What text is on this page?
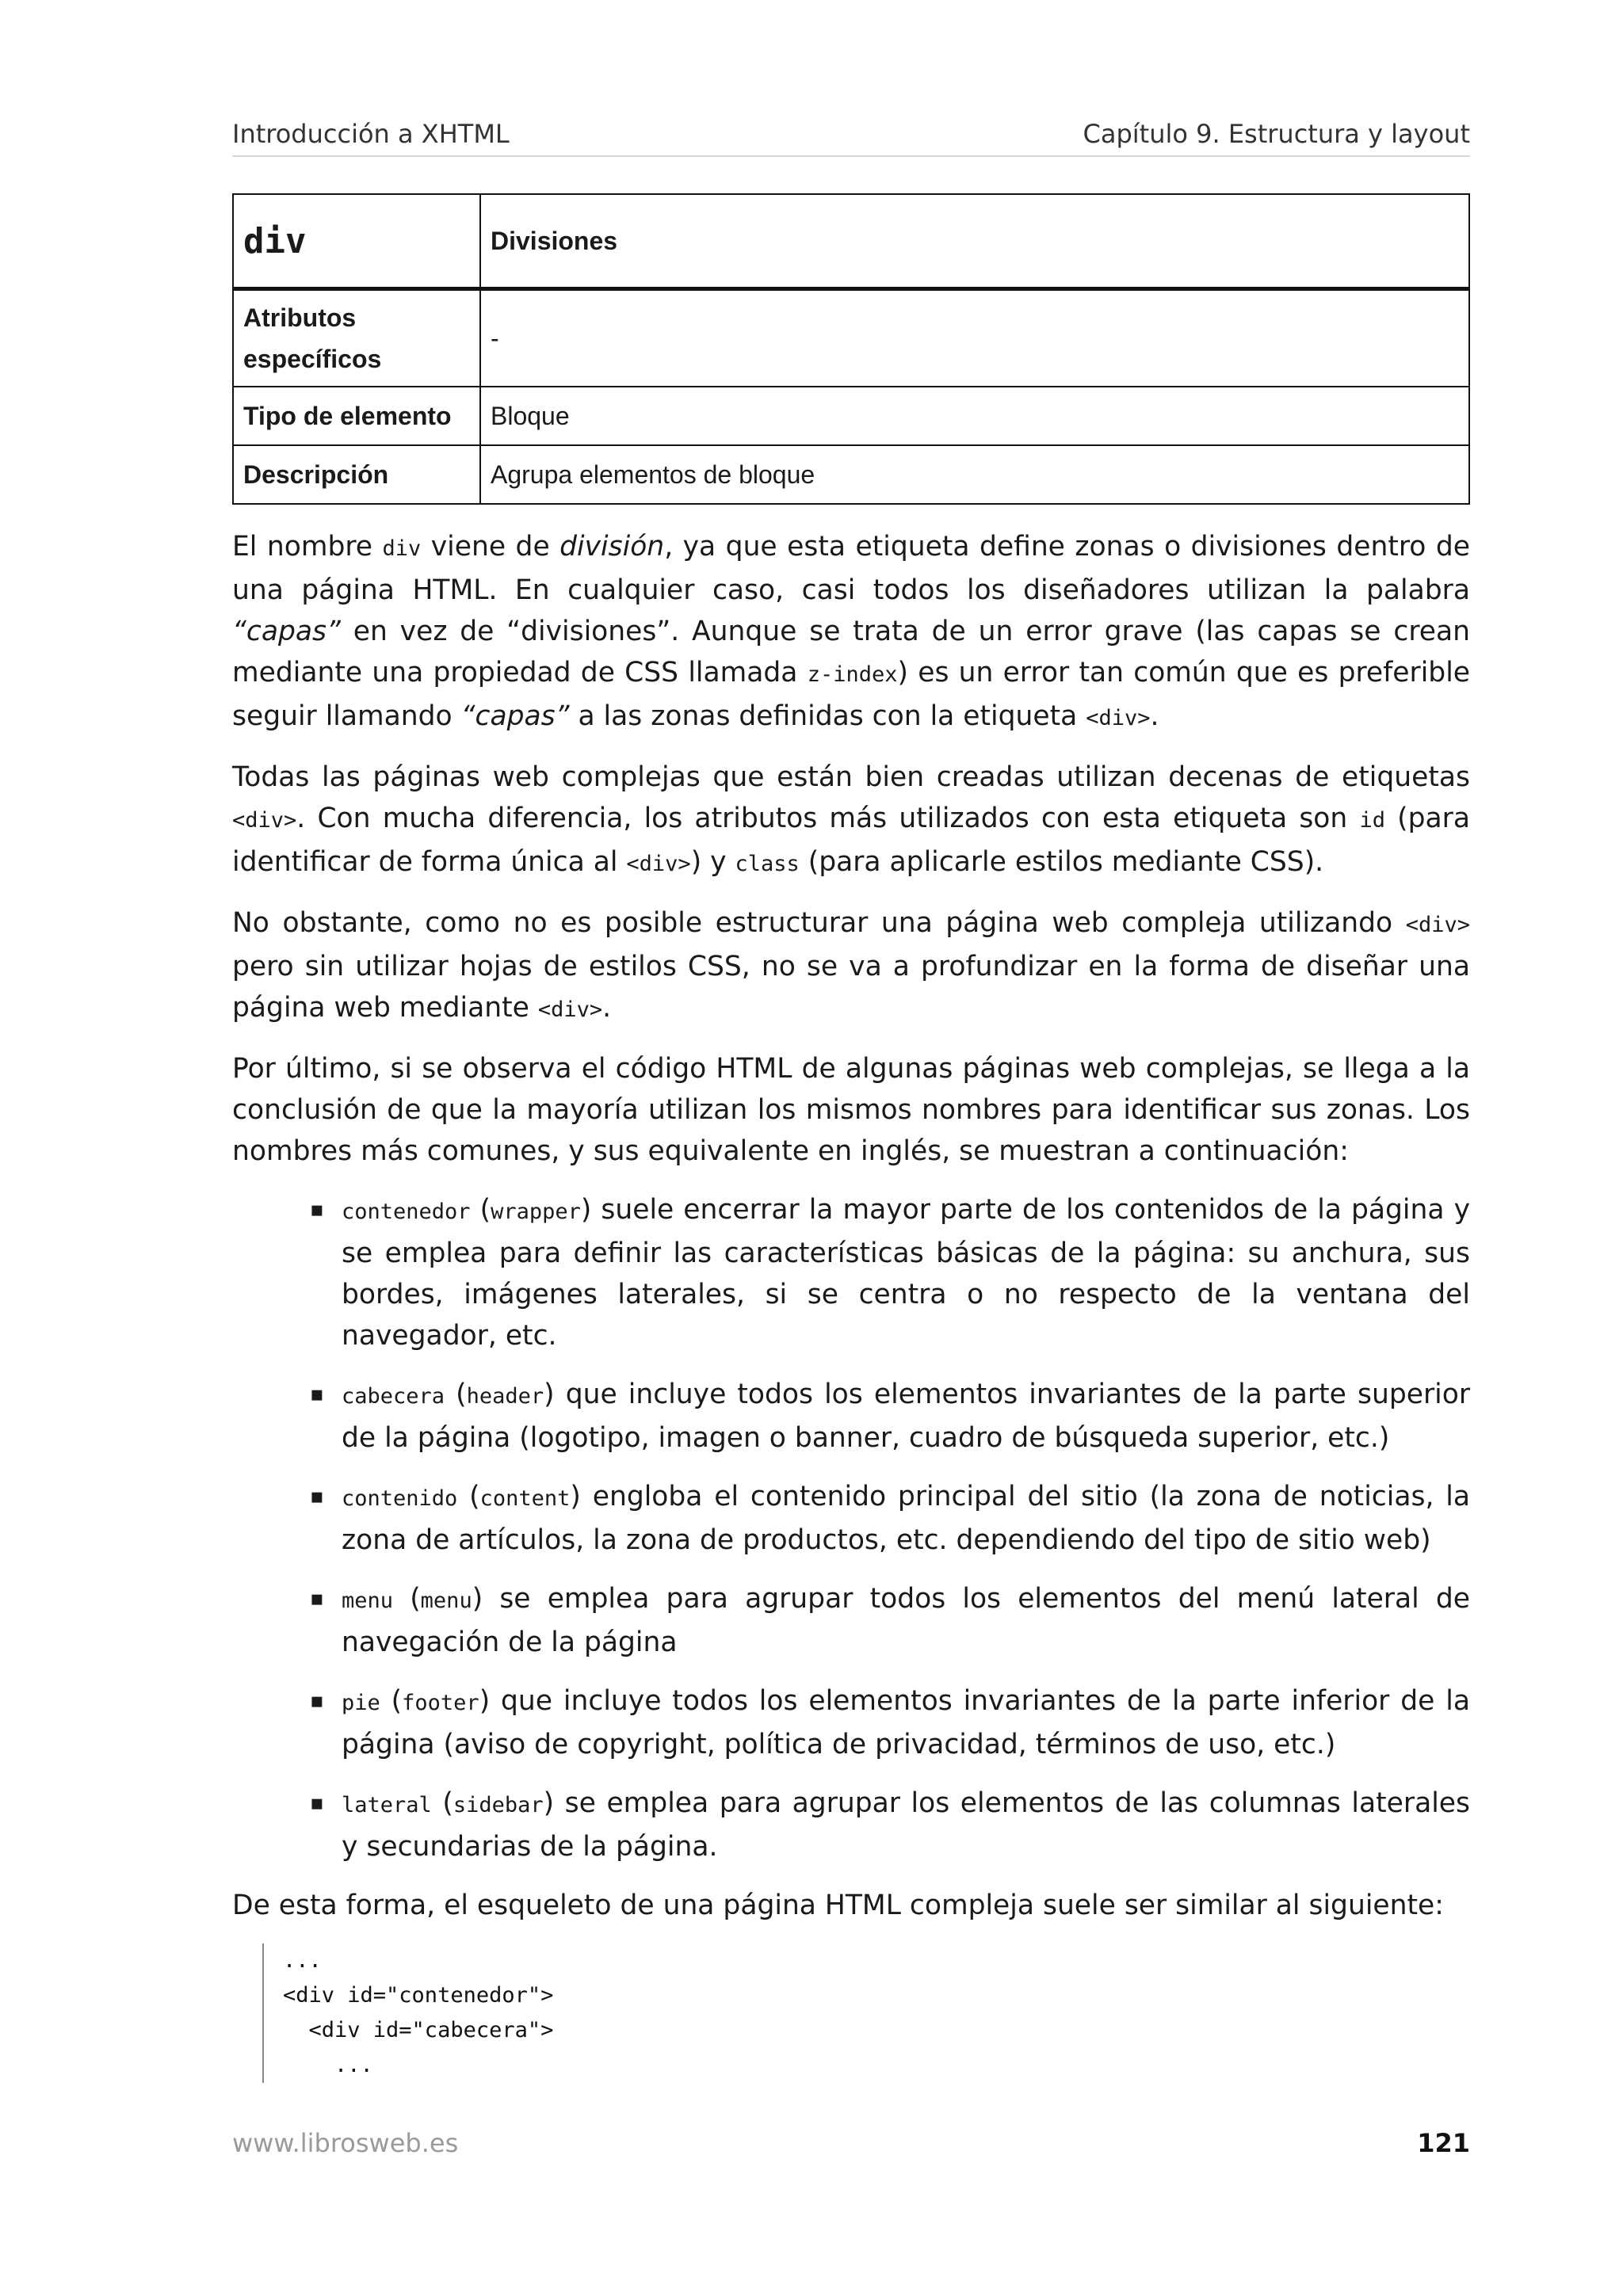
Introducción a XHTML	Capítulo 9. Estructura y layout
div	Divisiones
Atributos específicos	-
Tipo de elemento	Bloque
Descripción	Agrupa elementos de bloque

El nombre div viene de división, ya que esta etiqueta define zonas o divisiones dentro de una página HTML. En cualquier caso, casi todos los diseñadores utilizan la palabra “capas” en vez de “divisiones”. Aunque se trata de un error grave (las capas se crean mediante una propiedad de CSS llamada z-index) es un error tan común que es preferible seguir llamando “capas” a las zonas definidas con la etiqueta <div>.

Todas las páginas web complejas que están bien creadas utilizan decenas de etiquetas <div>. Con mucha diferencia, los atributos más utilizados con esta etiqueta son id (para identificar de forma única al <div>) y class (para aplicarle estilos mediante CSS).

No obstante, como no es posible estructurar una página web compleja utilizando <div> pero sin utilizar hojas de estilos CSS, no se va a profundizar en la forma de diseñar una página web mediante <div>.

Por último, si se observa el código HTML de algunas páginas web complejas, se llega a la conclusión de que la mayoría utilizan los mismos nombres para identificar sus zonas. Los nombres más comunes, y sus equivalente en inglés, se muestran a continuación:

▪ contenedor (wrapper) suele encerrar la mayor parte de los contenidos de la página y se emplea para definir las características básicas de la página: su anchura, sus bordes, imágenes laterales, si se centra o no respecto de la ventana del navegador, etc.
▪ cabecera (header) que incluye todos los elementos invariantes de la parte superior de la página (logotipo, imagen o banner, cuadro de búsqueda superior, etc.)
▪ contenido (content) engloba el contenido principal del sitio (la zona de noticias, la zona de artículos, la zona de productos, etc. dependiendo del tipo de sitio web)
▪ menu (menu) se emplea para agrupar todos los elementos del menú lateral de navegación de la página
▪ pie (footer) que incluye todos los elementos invariantes de la parte inferior de la página (aviso de copyright, política de privacidad, términos de uso, etc.)
▪ lateral (sidebar) se emplea para agrupar los elementos de las columnas laterales y secundarias de la página.

De esta forma, el esqueleto de una página HTML compleja suele ser similar al siguiente:

...
<div id="contenedor">
<div id="cabecera">
...
www.librosweb.es	121
